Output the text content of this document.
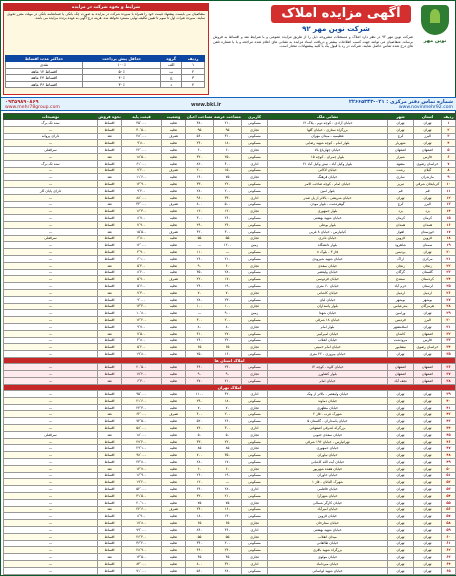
نوین مهر
آگهی مزایده املاک
شرکت نوین مهر ۹۲
شرکت نوین مهر ۹۲ در نظر دارد املاک و مستغلات مشروحه ذیل را از طریق مزایده عمومی و با شرایط نقد و اقساط به فروش برساند. متقاضیان می توانند جهت کسب اطلاعات بیشتر و دریافت اسناد مزایده به نشانی های اعلام شده مراجعه و یا با شماره تلفن های درج شده تماس حاصل نمایند. شرکت در رد یا قبول یک یا کلیه پیشنهادات مختار است.
شرایط و نحوه شرکت در مزایده
متقاضیان می بایست پیشنهاد قیمت خود را همراه با سپرده شرکت در مزایده به صورت چک بانکی یا ضمانتنامه بانکی در مهلت مقرر تحویل نمایند. سپرده نفرات اول تا سوم تا تعیین تکلیف نهایی مسترد نخواهد شد. هزینه درج آگهی به عهده برنده مزایده می باشد.
ردیف	گروه	حداقل پیش پرداخت	حداکثر مدت اقساط
۱	الف	۱۰۰٪	نقدی
۲	ب	۵۰٪	اقساط ۱۲ ماهه
۳	ج	۴۰٪	اقساط ۲۴ ماهه
۴	د	۳۰٪	اقساط ۳۶ ماهه
شماره تماس دفتر مرکزی : ۰۲۱-۲۲۶۶۵۳۴۳
۰۹۳۵۹۸۹۰۸۶۹
www.novinmehr92.com
www.mehr78group.com	www.bki.ir
ردیف	استان	شهر	نشانی ملک	کاربری	مساحت عرصه	مساحت اعیان	وضعیت	قیمت پایه	نحوه فروش	توضیحات
۱	تهران	تهران	خیابان آزادی - کوچه دوم - پلاک ۱۲	مسکونی	۲۱۰	۳۸۰	تخلیه	۴۵٬۰۰۰	اقساط	سند تک برگ
۲	تهران	تهران	بزرگراه ستاری - خیابان گلها	تجاری	۹۵	۹۵	تخلیه	۳۰٬۵۰۰	اقساط	—
۳	البرز	کرج	عظیمیه - میدان مهران	مسکونی	۳۱۰	۵۶۰	تصرف	۲۸٬۰۰۰	نقد	دارای پروانه
۴	تهران	شهریار	بلوار امام - کوچه شهید رضایی	مسکونی	۱۸۰	۲۴۰	تخلیه	۹٬۸۰۰	اقساط	—
۵	اصفهان	اصفهان	خیابان چهارباغ بالا	تجاری	۶۰	۶۰	تخلیه	۲۲٬۰۰۰	اقساط	سرقفلی
۶	فارس	شیراز	بلوار چمران - کوچه ۱۵	مسکونی	۲۵۰	۳۲۰	تخلیه	۱۸٬۵۰۰	نقد	—
۷	خراسان رضوی	مشهد	بلوار وکیل آباد - نبش وکیل آباد ۲۱	اداری	۴۰۰	۸۲۰	تخلیه	۶۱٬۰۰۰	اقساط	سند تک برگ
۸	گیلان	رشت	خیابان لاکانی	مسکونی	۱۵۰	۲۰۰	تصرف	۷٬۲۰۰	اقساط	—
۹	مازندران	ساری	خیابان فرهنگ	تجاری	۷۵	۱۴۰	تخلیه	۱۱٬۶۰۰	نقد	—
۱۰	آذربایجان شرقی	تبریز	خیابان امام - کوچه صاحب الامر	مسکونی	۲۲۰	۳۳۰	تخلیه	۱۴٬۹۰۰	اقساط	—
۱۱	قم	قم	بلوار امین	مسکونی	۲۰۰	۲۸۰	تخلیه	۹٬۴۰۰	اقساط	دارای پایان کار
۱۲	تهران	تهران	خیابان شریعتی - بالاتر از پل صدر	اداری	۳۳۰	۹۶۰	تخلیه	۸۸٬۰۰۰	اقساط	—
۱۳	البرز	کرج	گوهردشت - بلوار موذن	مسکونی	۵۰۰	۸۰۰	تصرف	۳۴٬۰۰۰	نقد	—
۱۴	یزد	یزد	بلوار جمهوری	تجاری	۱۲۰	۱۲۰	تخلیه	۱۶٬۳۰۰	اقساط	—
۱۵	کرمان	کرمان	خیابان شهید بهشتی	مسکونی	۲۶۰	۳۰۰	تخلیه	۸٬۷۰۰	اقساط	—
۱۶	همدان	همدان	بلوار بوعلی	مسکونی	۲۴۰	۲۹۰	تخلیه	۷٬۹۰۰	اقساط	—
۱۷	خوزستان	اهواز	کیانپارس - خیابان ۸ غربی	مسکونی	۳۰۰	۴۲۰	تصرف	۱۵٬۵۰۰	نقد	—
۱۸	قزوین	قزوین	خیابان نادری	تجاری	۵۵	۵۵	تخلیه	۶٬۸۰۰	اقساط	سرقفلی
۱۹	سمنان	شاهرود	بلوار دانشگاه	زمین	۱۲۰۰	—	تخلیه	۱۲٬۰۰۰	اقساط	—
۲۰	تهران	پردیس	فاز ۳ - بلوک ۸	مسکونی	—	۱۱۰	تخلیه	۴٬۹۰۰	اقساط	—
۲۱	مرکزی	اراک	خیابان شهید شیرودی	مسکونی	۲۱۰	۲۶۰	تخلیه	۶٬۱۰۰	اقساط	—
۲۲	زنجان	زنجان	خیابان سعدی	تجاری	۶۰	۹۰	تخلیه	۵٬۴۰۰	نقد	—
۲۳	گلستان	گرگان	خیابان ولیعصر	مسکونی	۲۸۰	۳۵۰	تخلیه	۸٬۲۰۰	اقساط	—
۲۴	کردستان	سنندج	خیابان فردوسی	مسکونی	۱۷۰	۲۲۰	تصرف	۵٬۹۰۰	اقساط	—
۲۵	لرستان	خرم آباد	خیابان ۶۰ متری	مسکونی	۱۹۰	۲۴۰	تخلیه	۵٬۶۰۰	اقساط	—
۲۶	اردبیل	اردبیل	خیابان کاشانی	تجاری	۷۰	۷۰	تخلیه	۷٬۳۰۰	نقد	—
۲۷	بوشهر	بوشهر	خیابان لیان	مسکونی	۲۳۰	۲۸۰	تخلیه	۹٬۰۰۰	اقساط	—
۲۸	هرمزگان	بندرعباس	بلوار پاسداران	تجاری	۱۰۰	۱۰۰	تخلیه	۱۳٬۴۰۰	اقساط	—
۲۹	تهران	ورامین	خیابان شهدا	زمین	۹۰۰	—	تخلیه	۱۰٬۸۰۰	اقساط	—
۳۰	البرز	فردیس	خیابان ۱۸ شرقی	مسکونی	۲۰۰	۳۰۰	تخلیه	۱۲٬۲۰۰	اقساط	—
۳۱	تهران	اسلامشهر	بلوار امام	تجاری	۸۰	۸۰	تخلیه	۹٬۷۰۰	اقساط	—
۳۲	اصفهان	کاشان	خیابان امیرکبیر	مسکونی	۲۷۰	۳۱۰	تخلیه	۷٬۵۰۰	نقد	—
۳۳	فارس	مرودشت	خیابان انقلاب	مسکونی	۲۲۰	۲۶۰	تخلیه	۴٬۸۰۰	اقساط	—
۳۴	خراسان رضوی	نیشابور	خیابان امام خمینی	تجاری	۶۵	۶۵	تخلیه	۵٬۲۰۰	اقساط	—
۳۵	تهران	تهران	خیابان پیروزی - ۲۲ متری	مسکونی	۱۶۰	۲۵۰	تخلیه	۱۹٬۸۰۰	اقساط	—
املاک استان ها										
۳۶	اصفهان	اصفهان	خیابان کاوه - کوچه ۱۴	مسکونی	۲۴۰	۳۶۰	تخلیه	۲۰٬۵۰۰	اقساط	—
۳۷	اصفهان	اصفهان	بلوار کشاورز	تجاری	۹۰	۹۰	تخلیه	۱۷٬۲۰۰	اقساط	—
۳۸	اصفهان	نجف آباد	خیابان امام	مسکونی	۲۱۰	۲۷۰	تخلیه	۶٬۳۰۰	نقد	—
املاک تهران										
۳۹	تهران	تهران	خیابان ولیعصر - بالاتر از ونک	اداری	۴۲۰	۱۱۰۰	تخلیه	۹۵٬۰۰۰	اقساط	—
۴۰	تهران	تهران	خیابان دماوند	مسکونی	۱۸۰	۲۹۰	تخلیه	۲۱٬۶۰۰	اقساط	—
۴۱	تهران	تهران	خیابان مطهری	تجاری	۷۰	۷۰	تخلیه	۲۴٬۳۰۰	اقساط	—
۴۲	تهران	تهران	شهرک غرب - فاز ۲	مسکونی	۲۰۰	۴۰۰	تصرف	۶۲٬۰۰۰	نقد	—
۴۳	تهران	تهران	خیابان پاسداران - گلستان ۵	مسکونی	۲۶۰	۵۲۰	تخلیه	۷۴٬۵۰۰	اقساط	—
۴۴	تهران	تهران	بزرگراه اشرفی اصفهانی	اداری	۳۰۰	۷۲۰	تخلیه	۵۸٬۰۰۰	اقساط	—
۴۵	تهران	تهران	خیابان سعدی جنوبی	تجاری	۵۰	۵۰	تخلیه	۱۸٬۰۰۰	نقد	سرقفلی
۴۶	تهران	تهران	تهرانپارس - خیابان ۱۹۶ شرقی	مسکونی	۲۲۰	۳۳۰	تخلیه	۲۷٬۴۰۰	اقساط	—
۴۷	تهران	تهران	خیابان جمهوری	تجاری	۸۵	۸۵	تخلیه	۲۹٬۱۰۰	اقساط	—
۴۸	تهران	تهران	خیابان نیاوران	مسکونی	۳۵۰	۷۰۰	تخلیه	۹۸٬۰۰۰	اقساط	—
۴۹	تهران	تهران	خیابان آیت الله کاشانی	مسکونی	۱۷۰	۲۸۰	تخلیه	۲۳٬۸۰۰	اقساط	—
۵۰	تهران	تهران	خیابان هفده شهریور	تجاری	۶۰	۶۰	تخلیه	۱۴٬۷۰۰	نقد	—
۵۱	تهران	تهران	خیابان خاوران	مسکونی	۱۹۰	۲۶۰	تخلیه	۱۶٬۹۰۰	اقساط	—
۵۲	تهران	تهران	شهرک اکباتان - فاز ۱	مسکونی	—	۱۲۰	تخلیه	۱۹٬۲۰۰	اقساط	—
۵۳	تهران	تهران	خیابان فاطمی	اداری	۲۸۰	۶۴۰	تخلیه	۵۲٬۰۰۰	اقساط	—
۵۴	تهران	تهران	خیابان شهرآرا	مسکونی	۲۱۰	۳۲۰	تخلیه	۳۱٬۵۰۰	اقساط	—
۵۵	تهران	تهران	خیابان کارگر شمالی	تجاری	۷۵	۷۵	تخلیه	۲۰٬۱۰۰	اقساط	—
۵۶	تهران	تهران	خیابان امیرآباد	مسکونی	۱۶۰	۲۴۰	تصرف	۲۲٬۶۰۰	نقد	—
۵۷	تهران	تهران	خیابان قزوین	مسکونی	۱۴۰	۱۸۰	تخلیه	۸٬۹۰۰	اقساط	—
۵۸	تهران	تهران	خیابان ستارخان	تجاری	۶۵	۶۵	تخلیه	۱۷٬۸۰۰	اقساط	—
۵۹	تهران	تهران	خیابان شهید بهشتی	اداری	۳۶۰	۸۴۰	تخلیه	۷۹٬۰۰۰	اقساط	—
۶۰	تهران	تهران	میدان انقلاب	تجاری	۵۵	۵۵	تخلیه	۲۶٬۴۰۰	اقساط	—
۶۱	تهران	تهران	خیابان طالقانی	مسکونی	۲۰۰	۳۴۰	تخلیه	۳۶٬۲۰۰	اقساط	—
۶۲	تهران	تهران	بزرگراه شهید باقری	مسکونی	۲۴۰	۳۶۰	تخلیه	۲۸٬۹۰۰	اقساط	—
۶۳	تهران	تهران	خیابان مولوی	تجاری	۴۵	۴۵	تخلیه	۱۳٬۵۰۰	نقد	—
۶۴	تهران	تهران	خیابان میرداماد	اداری	۳۲۰	۸۰۰	تخلیه	۸۴٬۰۰۰	اقساط	—
۶۵	تهران	تهران	خیابان شهید لواسانی	مسکونی	۲۸۰	۵۶۰	تخلیه	۷۱٬۰۰۰	اقساط	—
